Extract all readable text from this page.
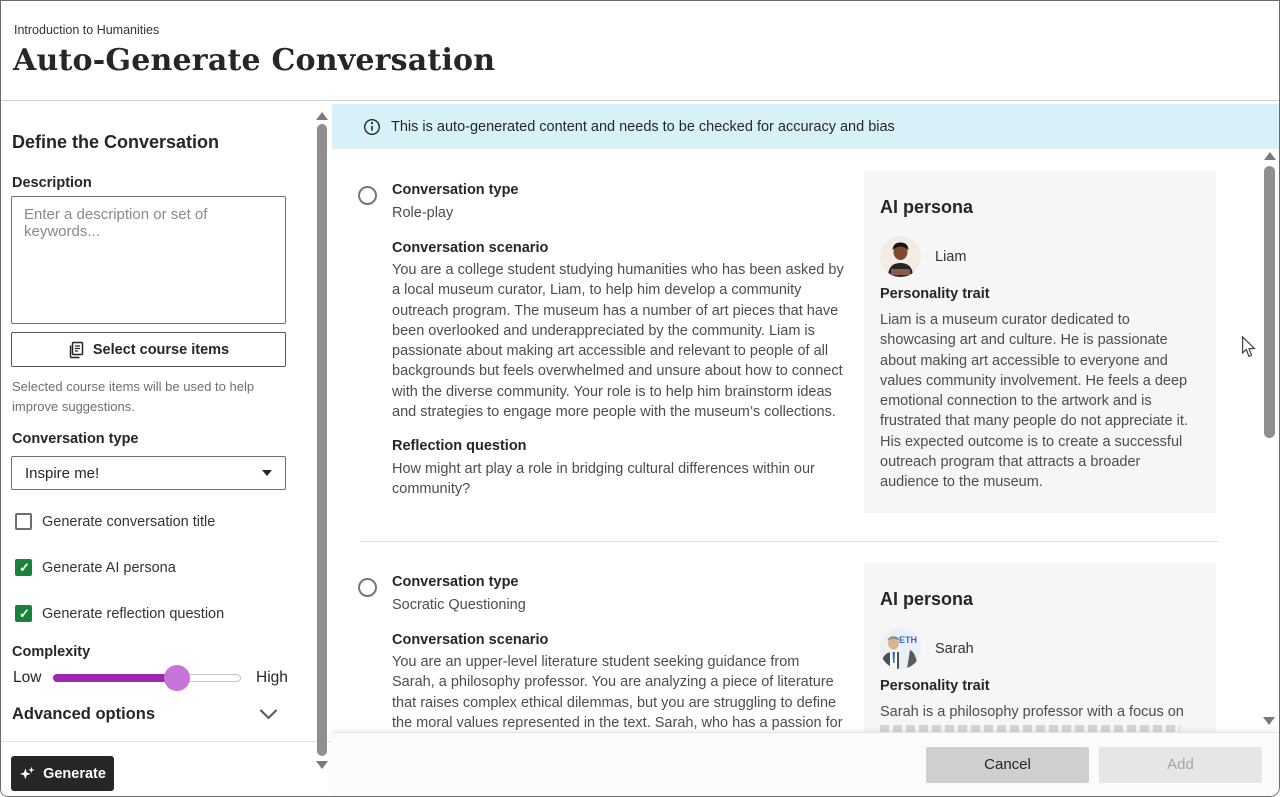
Introduction to Humanities
Auto-Generate Conversation
Define the Conversation
Description
Enter a description or set of keywords...
Select course items
Selected course items will be used to help improve suggestions.
Conversation type
Inspire me!
Generate conversation title
✓
Generate AI persona
✓
Generate reflection question
Complexity
Low	High
Advanced options
Generate
This is auto-generated content and needs to be checked for accuracy and bias
Conversation type
Role-play
Conversation scenario
You are a college student studying humanities who has been asked by a local museum curator, Liam, to help him develop a community outreach program. The museum has a number of art pieces that have been overlooked and underappreciated by the community. Liam is passionate about making art accessible and relevant to people of all backgrounds but feels overwhelmed and unsure about how to connect with the diverse community. Your role is to help him brainstorm ideas and strategies to engage more people with the museum’s collections.
Reflection question
How might art play a role in bridging cultural differences within our community?
AI persona
Liam
Personality trait
Liam is a museum curator dedicated to showcasing art and culture. He is passionate about making art accessible to everyone and values community involvement. He feels a deep emotional connection to the artwork and is frustrated that many people do not appreciate it. His expected outcome is to create a successful outreach program that attracts a broader audience to the museum.
Conversation type
Socratic Questioning
Conversation scenario
You are an upper-level literature student seeking guidance from Sarah, a philosophy professor. You are analyzing a piece of literature that raises complex ethical dilemmas, but you are struggling to define the moral values represented in the text. Sarah, who has a passion for
AI persona
ETH
Sarah
Personality trait
Sarah is a philosophy professor with a focus on
Cancel	Add
